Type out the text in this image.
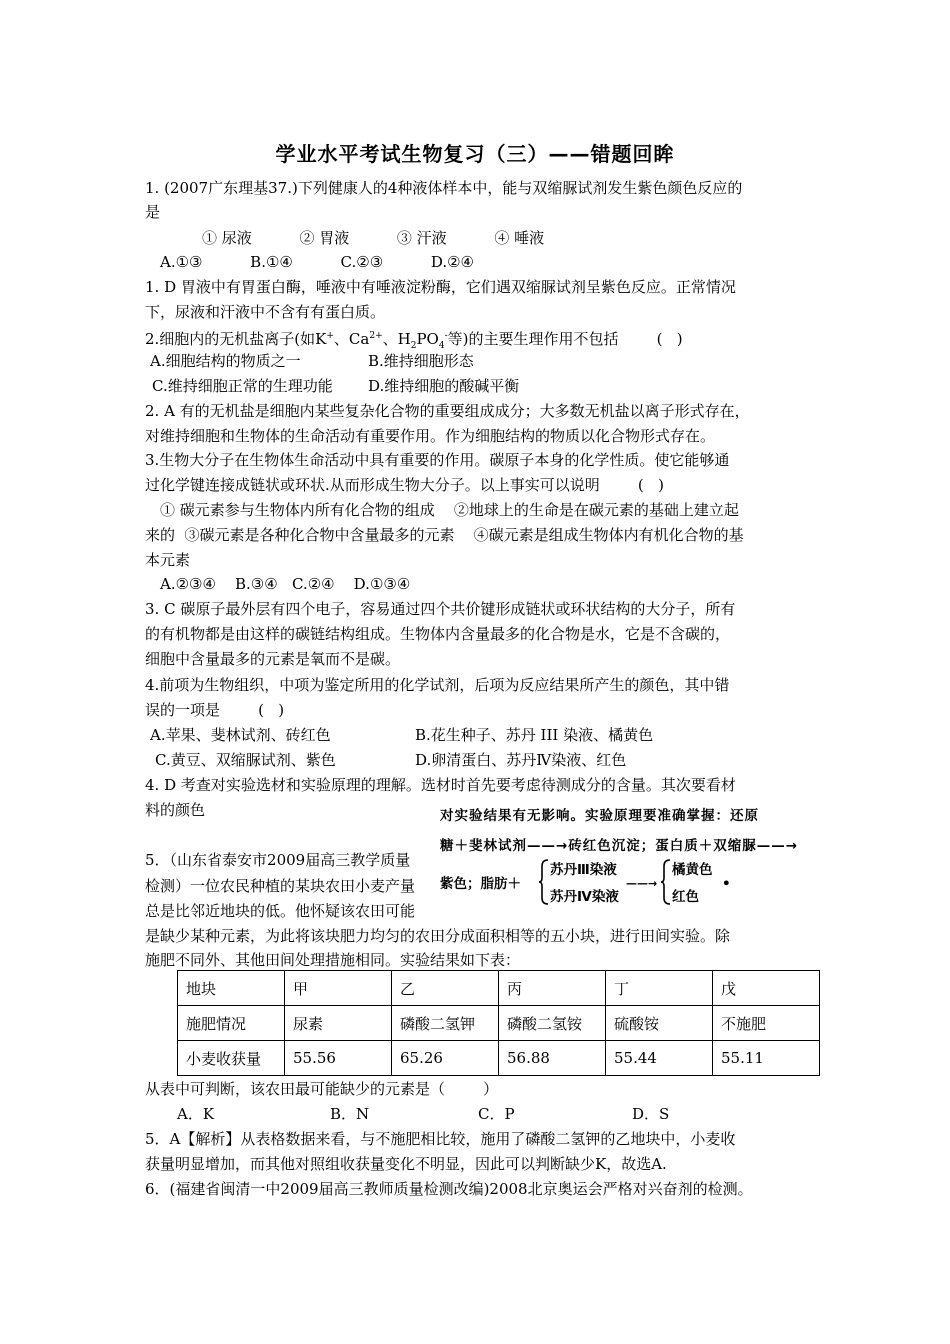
学业水平考试生物复习（三）——错题回眸
1. (2007广东理基37.)下列健康人的4种液体样本中，能与双缩脲试剂发生紫色颜色反应的
是
① 尿液          ② 胃液          ③ 汗液          ④ 唾液
A.①③          B.①④          C.②③          D.②④
1. D 胃液中有胃蛋白酶，唾液中有唾液淀粉酶，它们遇双缩脲试剂呈紫色反应。正常情况
下，尿液和汗液中不含有有蛋白质。
2.细胞内的无机盐离子(如K+、$Ca^{2+}$、$H_2PO_4^-$等)的主要生理作用不包括        (   )
A.细胞结构的物质之一	B.维持细胞形态
C.维持细胞正常的生理功能 D.维持细胞的酸碱平衡
2. A 有的无机盐是细胞内某些复杂化合物的重要组成成分；大多数无机盐以离子形式存在，
对维持细胞和生物体的生命活动有重要作用。作为细胞结构的物质以化合物形式存在。
3.生物大分子在生物体生命活动中具有重要的作用。碳原子本身的化学性质。使它能够通
过化学键连接成链状或环状.从而形成生物大分子。以上事实可以说明        (   )
① 碳元素参与生物体内所有化合物的组成    ②地球上的生命是在碳元素的基础上建立起
来的  ③碳元素是各种化合物中含量最多的元素    ④碳元素是组成生物体内有机化合物的基
本元素
A.②③④    B.③④   C.②④    D.①③④
3. C 碳原子最外层有四个电子，容易通过四个共价键形成链状或环状结构的大分子，所有
的有机物都是由这样的碳链结构组成。生物体内含量最多的化合物是水，它是不含碳的，
细胞中含量最多的元素是氧而不是碳。
4.前项为生物组织，中项为鉴定所用的化学试剂，后项为反应结果所产生的颜色，其中错
误的一项是        (   )
A.苹果、斐林试剂、砖红色	B.花生种子、苏丹 III 染液、橘黄色
C.黄豆、双缩脲试剂、紫色	D.卵清蛋白、苏丹Ⅳ染液、红色
4. D 考查对实验选材和实验原理的理解。选材时首先要考虑待测成分的含量。其次要看材
料的颜色	对实验结果有无影响。实验原理要准确掌握：还原
糖＋斐林试剂——→砖红色沉淀；蛋白质＋双缩脲——→
紫色；脂肪＋
苏丹Ⅲ染液
苏丹Ⅳ染液
——→
橘黄色
红色
•
5．（山东省泰安市2009届高三教学质量
检测）一位农民种植的某块农田小麦产量
总是比邻近地块的低。他怀疑该农田可能
是缺少某种元素，为此将该块肥力均匀的农田分成面积相等的五小块，进行田间实验。除
施肥不同外、其他田间处理措施相同。实验结果如下表：
地块	甲	乙	丙	丁	戊
施肥情况	尿素	磷酸二氢钾	磷酸二氢铵	硫酸铵	不施肥
小麦收获量	55.56	65.26	56.88	55.44	55.11
从表中可判断，该农田最可能缺少的元素是（        ）
A．K	B．N	C．P	D．S
5．A【解析】从表格数据来看，与不施肥相比较，施用了磷酸二氢钾的乙地块中，小麦收
获量明显增加，而其他对照组收获量变化不明显，因此可以判断缺少K，故选A.
6．(福建省闽清一中2009届高三教师质量检测改编)2008北京奥运会严格对兴奋剂的检测。
